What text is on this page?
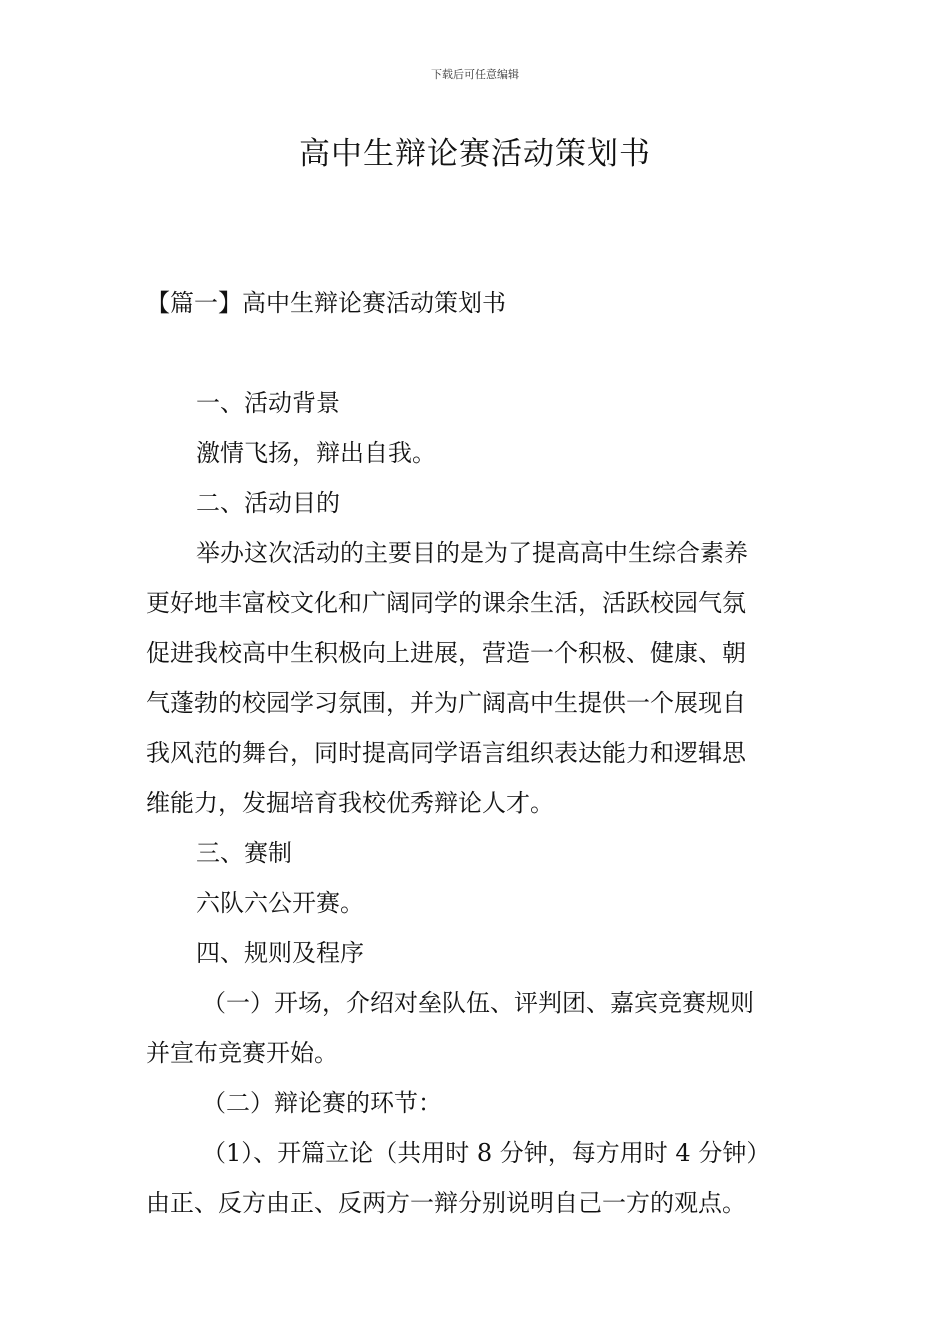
下载后可任意编辑
高中生辩论赛活动策划书
【篇一】高中生辩论赛活动策划书
一、活动背景
激情飞扬，辩出自我。
二、活动目的
举办这次活动的主要目的是为了提高高中生综合素养
更好地丰富校文化和广阔同学的课余生活，活跃校园气氛
促进我校高中生积极向上进展，营造一个积极、健康、朝
气蓬勃的校园学习氛围，并为广阔高中生提供一个展现自
我风范的舞台，同时提高同学语言组织表达能力和逻辑思
维能力，发掘培育我校优秀辩论人才。
三、赛制
六队六公开赛。
四、规则及程序
（一）开场，介绍对垒队伍、评判团、嘉宾竞赛规则
并宣布竞赛开始。
（二）辩论赛的环节：
（1）、开篇立论（共用时 8 分钟，每方用时 4 分钟）
由正、反方由正、反两方一辩分别说明自己一方的观点。
